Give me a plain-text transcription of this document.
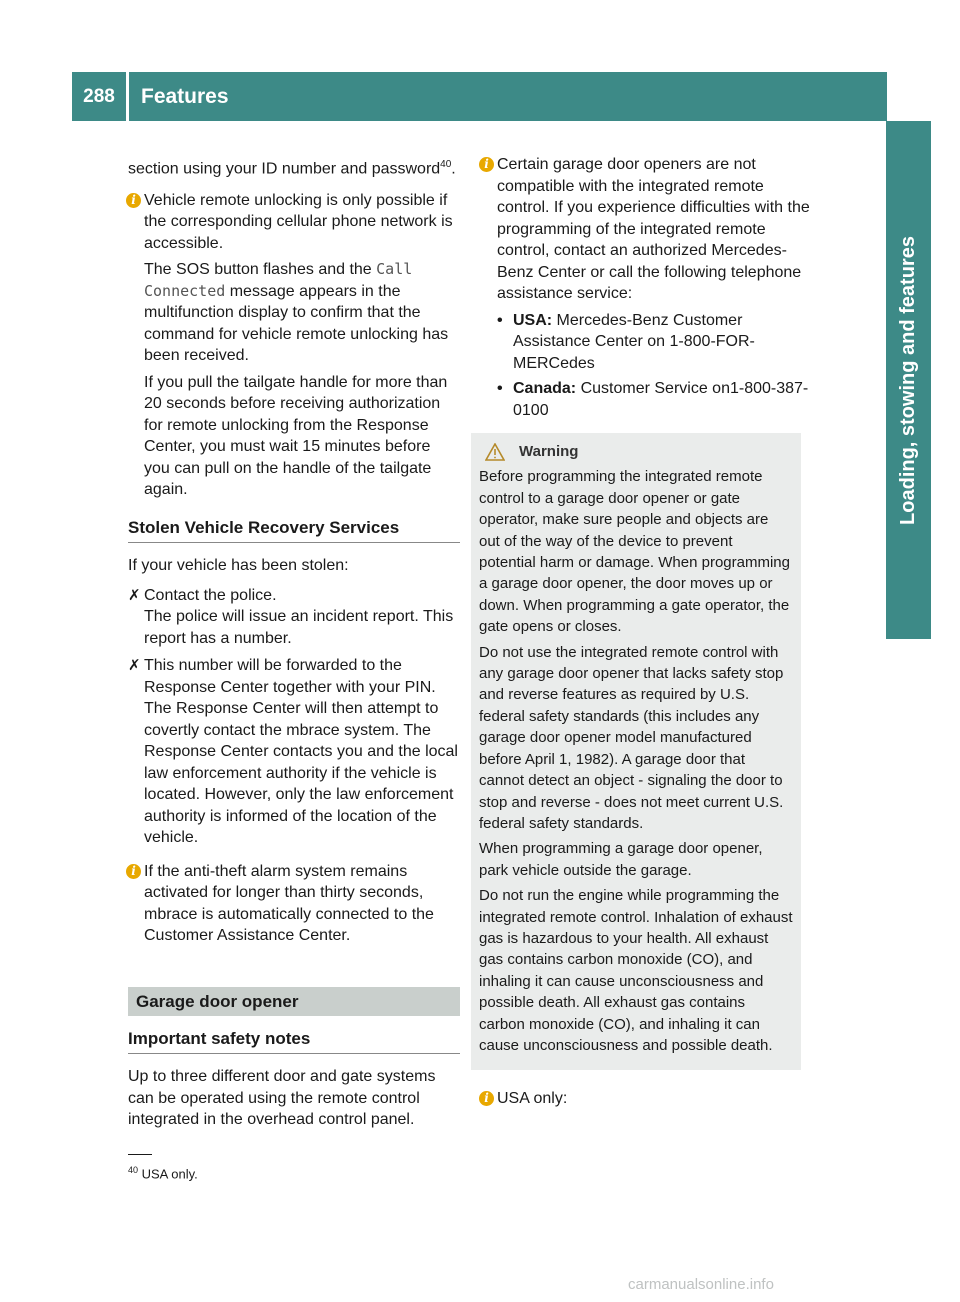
288	Features
Loading, stowing and features

section using your ID number and password$^{40}$.

i Vehicle remote unlocking is only possible if the corresponding cellular phone network is accessible.

The SOS button flashes and the Call Connected message appears in the multifunction display to confirm that the command for vehicle remote unlocking has been received.

If you pull the tailgate handle for more than 20 seconds before receiving authorization for remote unlocking from the Response Center, you must wait 15 minutes before you can pull on the handle of the tailgate again.

Stolen Vehicle Recovery Services

If your vehicle has been stolen:

✗ Contact the police.
The police will issue an incident report. This report has a number.
✗ This number will be forwarded to the Response Center together with your PIN. The Response Center will then attempt to covertly contact the mbrace system. The Response Center contacts you and the local law enforcement authority if the vehicle is located. However, only the law enforcement authority is informed of the location of the vehicle.
i If the anti-theft alarm system remains activated for longer than thirty seconds, mbrace is automatically connected to the Customer Assistance Center.

Garage door opener
Important safety notes

Up to three different door and gate systems can be operated using the remote control integrated in the overhead control panel.

i Certain garage door openers are not compatible with the integrated remote control. If you experience difficulties with the programming of the integrated remote control, contact an authorized Mercedes-Benz Center or call the following telephone assistance service:

• USA: Mercedes-Benz Customer Assistance Center on 1-800-FOR-MERCedes
• Canada: Customer Service on1-800-387-0100
Warning

Before programming the integrated remote control to a garage door opener or gate operator, make sure people and objects are out of the way of the device to prevent potential harm or damage. When programming a garage door opener, the door moves up or down. When programming a gate operator, the gate opens or closes.

Do not use the integrated remote control with any garage door opener that lacks safety stop and reverse features as required by U.S. federal safety standards (this includes any garage door opener model manufactured before April 1, 1982). A garage door that cannot detect an object - signaling the door to stop and reverse - does not meet current U.S. federal safety standards.

When programming a garage door opener, park vehicle outside the garage.

Do not run the engine while programming the integrated remote control. Inhalation of exhaust gas is hazardous to your health. All exhaust gas contains carbon monoxide (CO), and inhaling it can cause unconsciousness and possible death. All exhaust gas contains carbon monoxide (CO), and inhaling it can cause unconsciousness and possible death.

i USA only:

$^{40}$ USA only.
carmanualsonline.info
